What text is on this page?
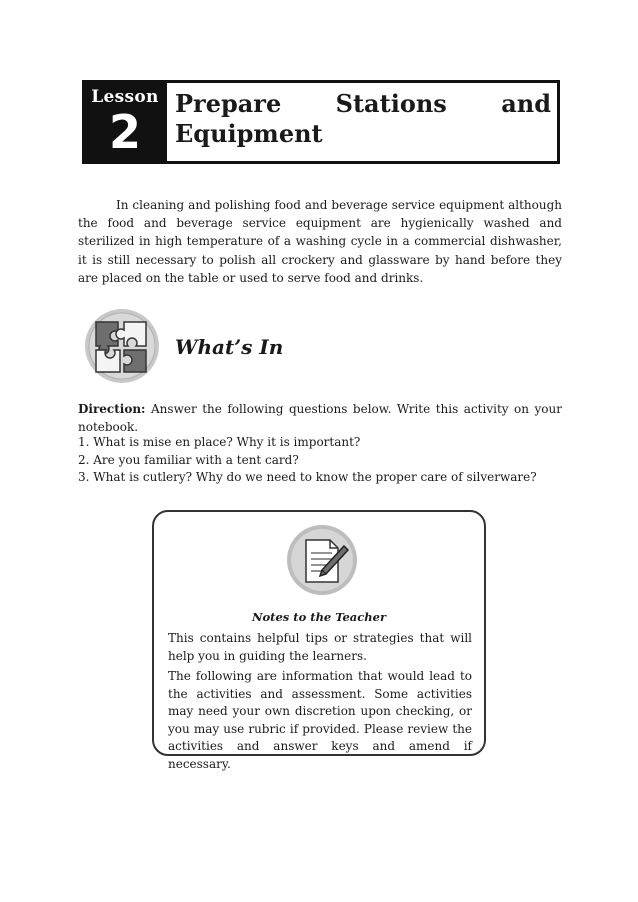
Lesson
2
Prepare Stations and
Equipment

In cleaning and polishing food and beverage service equipment although the food and beverage service equipment are hygienically washed and sterilized in high temperature of a washing cycle in a commercial dishwasher, it is still necessary to polish all crockery and glassware by hand before they are placed on the table or used to serve food and drinks.

What’s In

Direction: Answer the following questions below. Write this activity on your notebook.

1. What is mise en place? Why it is important?
2. Are you familiar with a tent card?
3. What is cutlery? Why do we need to know the proper care of silverware?

Notes to the Teacher

This contains helpful tips or strategies that will help you in guiding the learners.

The following are information that would lead to the activities and assessment. Some activities may need your own discretion upon checking, or you may use rubric if provided. Please review the activities and answer keys and amend if necessary.
